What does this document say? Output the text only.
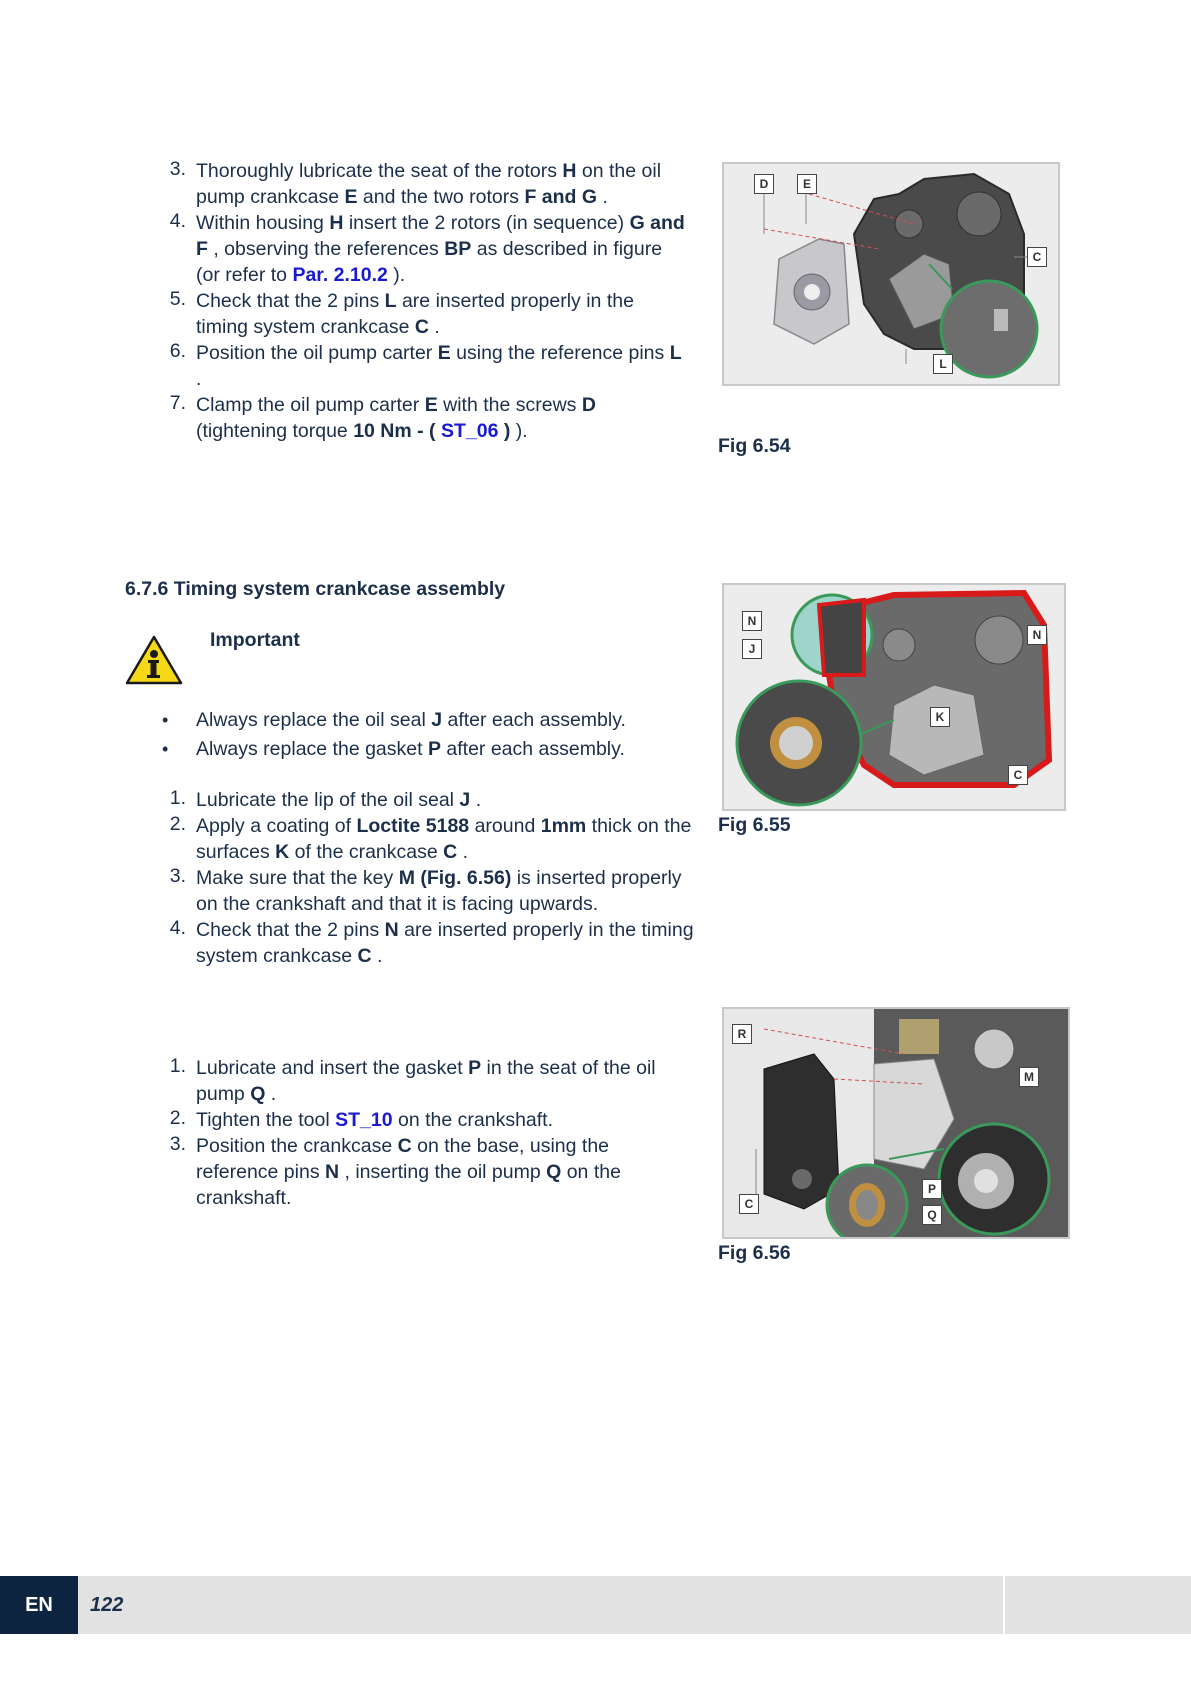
3. Thoroughly lubricate the seat of the rotors H on the oil pump crankcase E and the two rotors F and G .
4. Within housing H insert the 2 rotors (in sequence) G and F , observing the references BP as described in figure (or refer to Par. 2.10.2 ).
5. Check that the 2 pins L are inserted properly in the timing system crankcase C .
6. Position the oil pump carter E using the reference pins L .
7. Clamp the oil pump carter E with the screws D (tightening torque 10 Nm - ( ST_06 ) ).
D	E
C
L
Fig 6.54
6.7.6 Timing system crankcase assembly
Important
• Always replace the oil seal J after each assembly.
• Always replace the gasket P after each assembly.
1. Lubricate the lip of the oil seal J .
2. Apply a coating of Loctite 5188 around 1mm thick on the surfaces K of the crankcase C .
3. Make sure that the key M (Fig. 6.56) is inserted properly on the crankshaft and that it is facing upwards.
4. Check that the 2 pins N are inserted properly in the timing system crankcase C .
N
J
N
K
C
Fig 6.55
1. Lubricate and insert the gasket P in the seat of the oil pump Q .
2. Tighten the tool ST_10 on the crankshaft.
3. Position the crankcase C on the base, using the reference pins N , inserting the oil pump Q on the crankshaft.
R
M
C
P
Q
Fig 6.56
EN	122
